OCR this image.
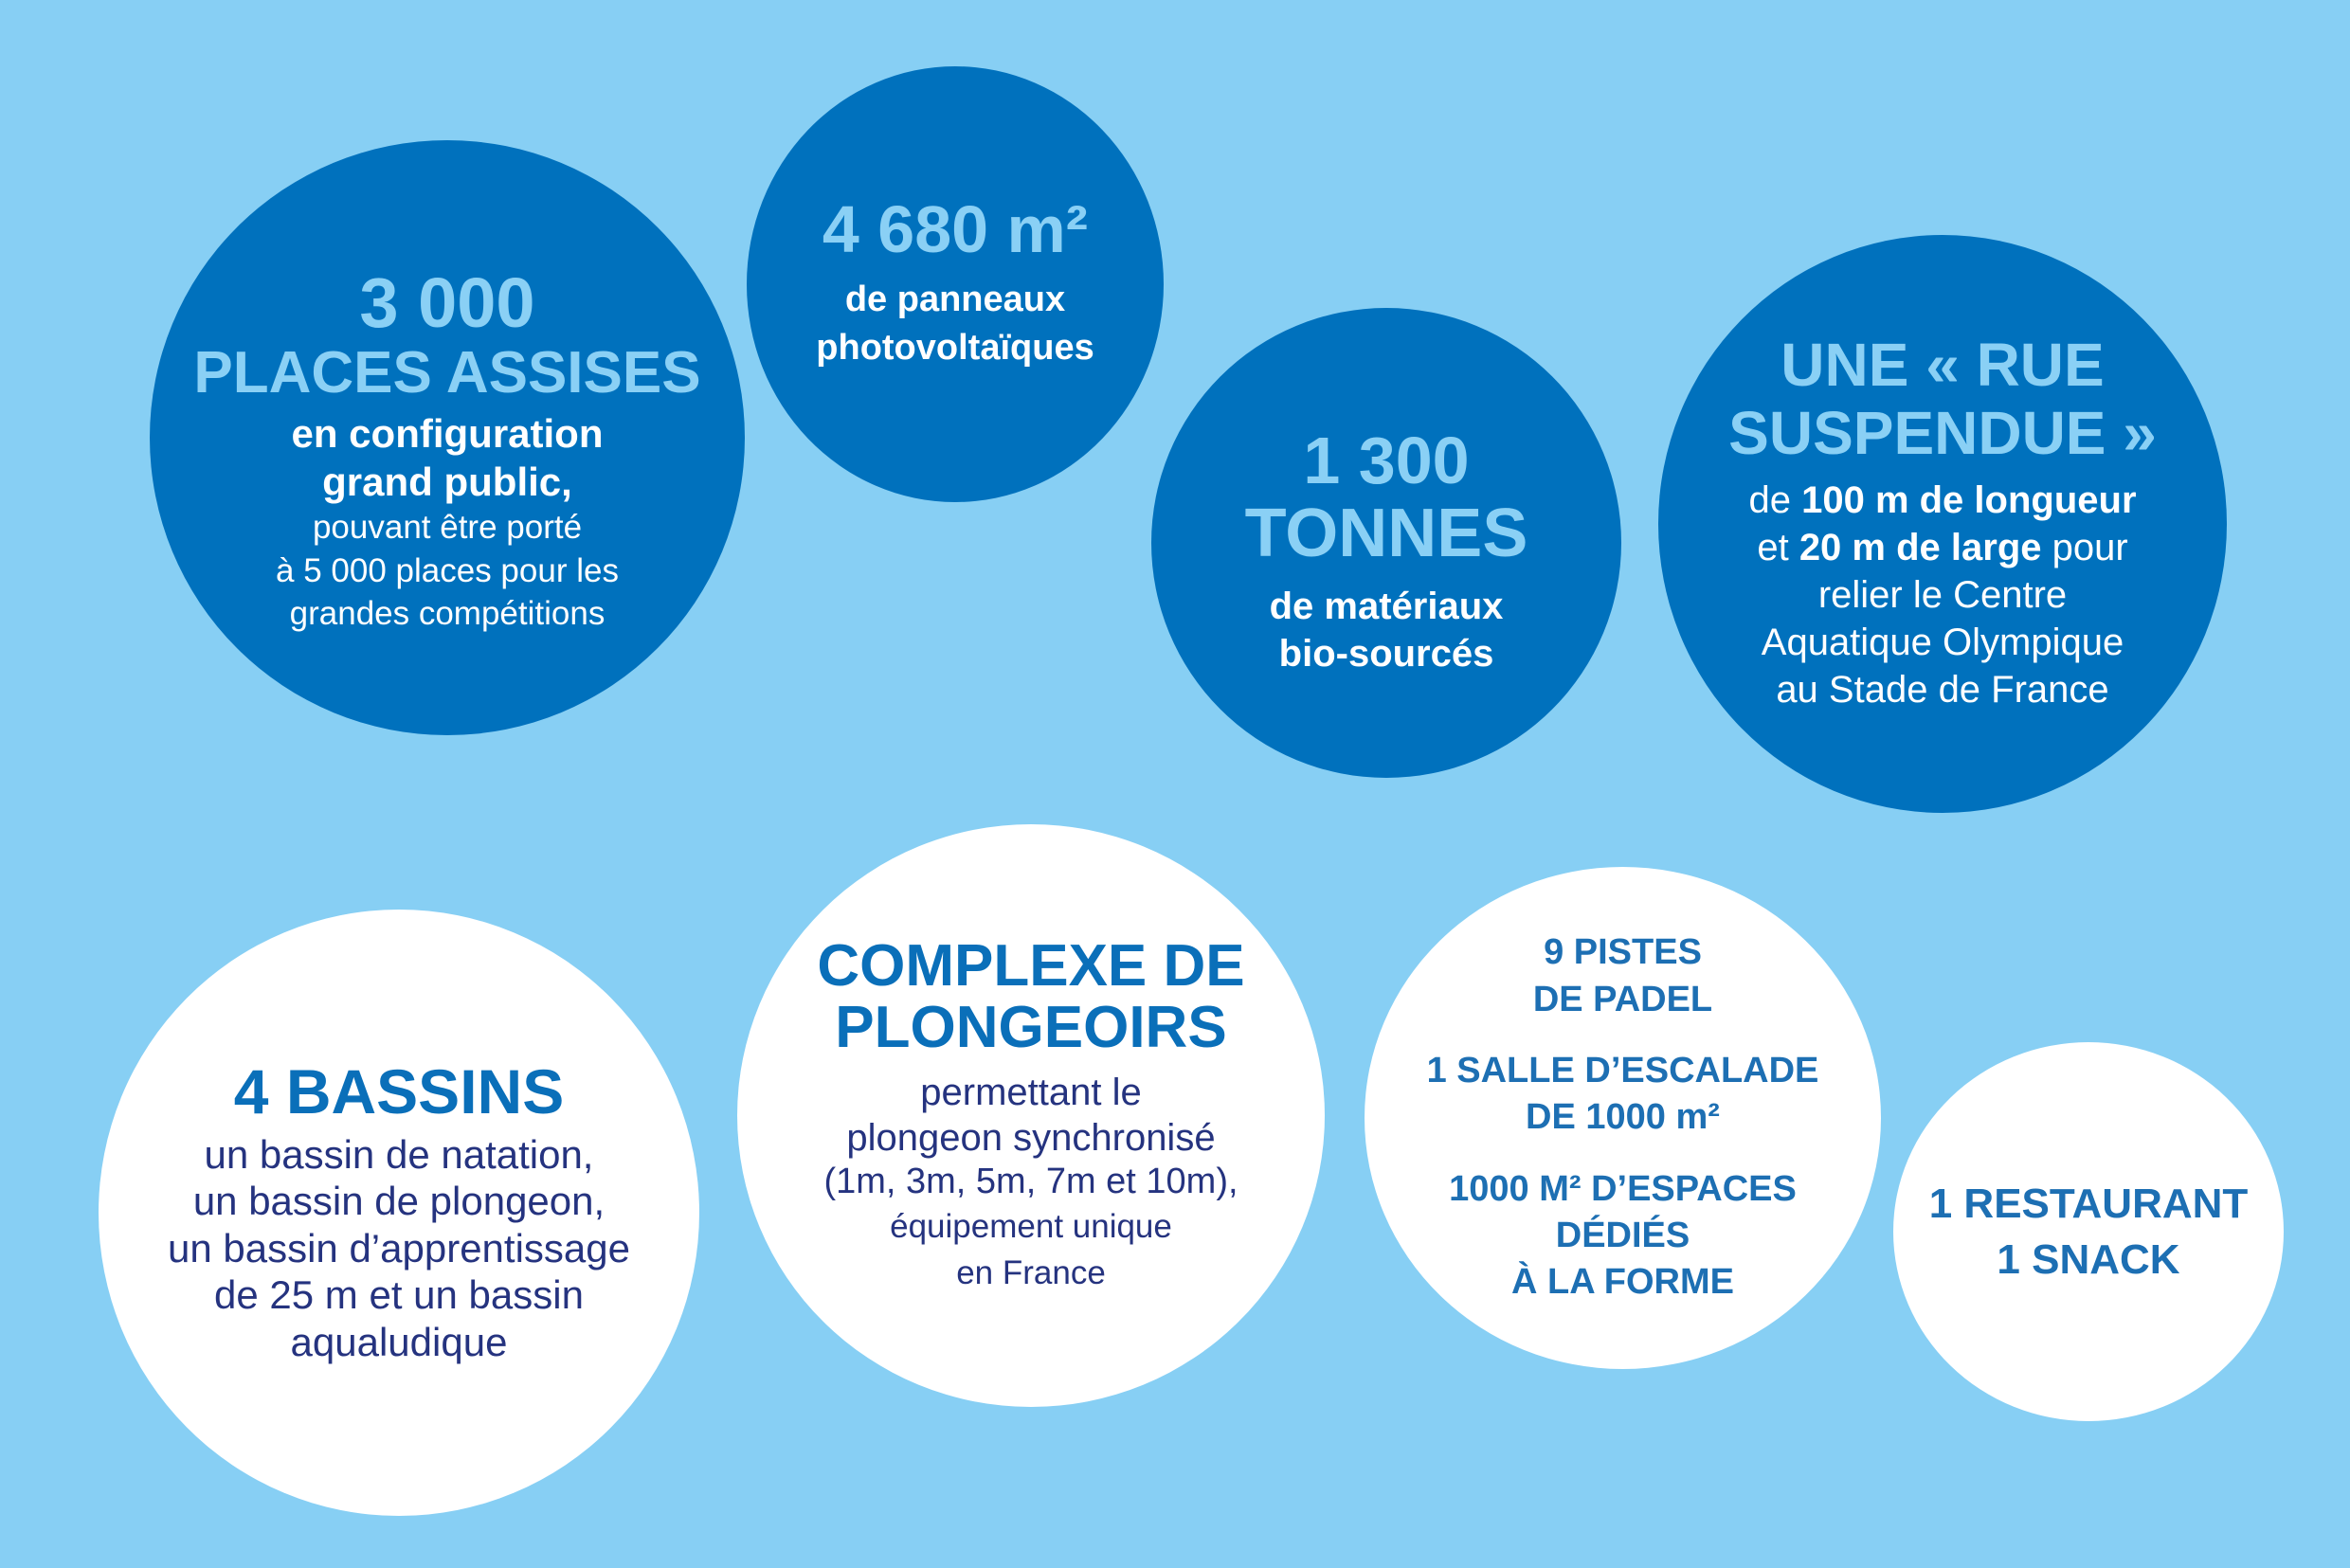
3 000
PLACES ASSISES
en configuration
grand public,
pouvant être porté
à 5 000 places pour les
grandes compétitions
4 680 m²
de panneaux
photovoltaïques
1 300
TONNES
de matériaux
bio-sourcés
UNE « RUE
SUSPENDUE »
de 100 m de longueur
et 20 m de large pour
relier le Centre
Aquatique Olympique
au Stade de France
4 BASSINS
un bassin de natation,
un bassin de plongeon,
un bassin d’apprentissage
de 25 m et un bassin
aqualudique
COMPLEXE DE
PLONGEOIRS
permettant le
plongeon synchronisé
(1m, 3m, 5m, 7m et 10m),
équipement unique
en France
9 PISTES
DE PADEL
1 SALLE D’ESCALADE
DE 1000 m²
1000 M² D’ESPACES
DÉDIÉS
À LA FORME
1 RESTAURANT
1 SNACK
